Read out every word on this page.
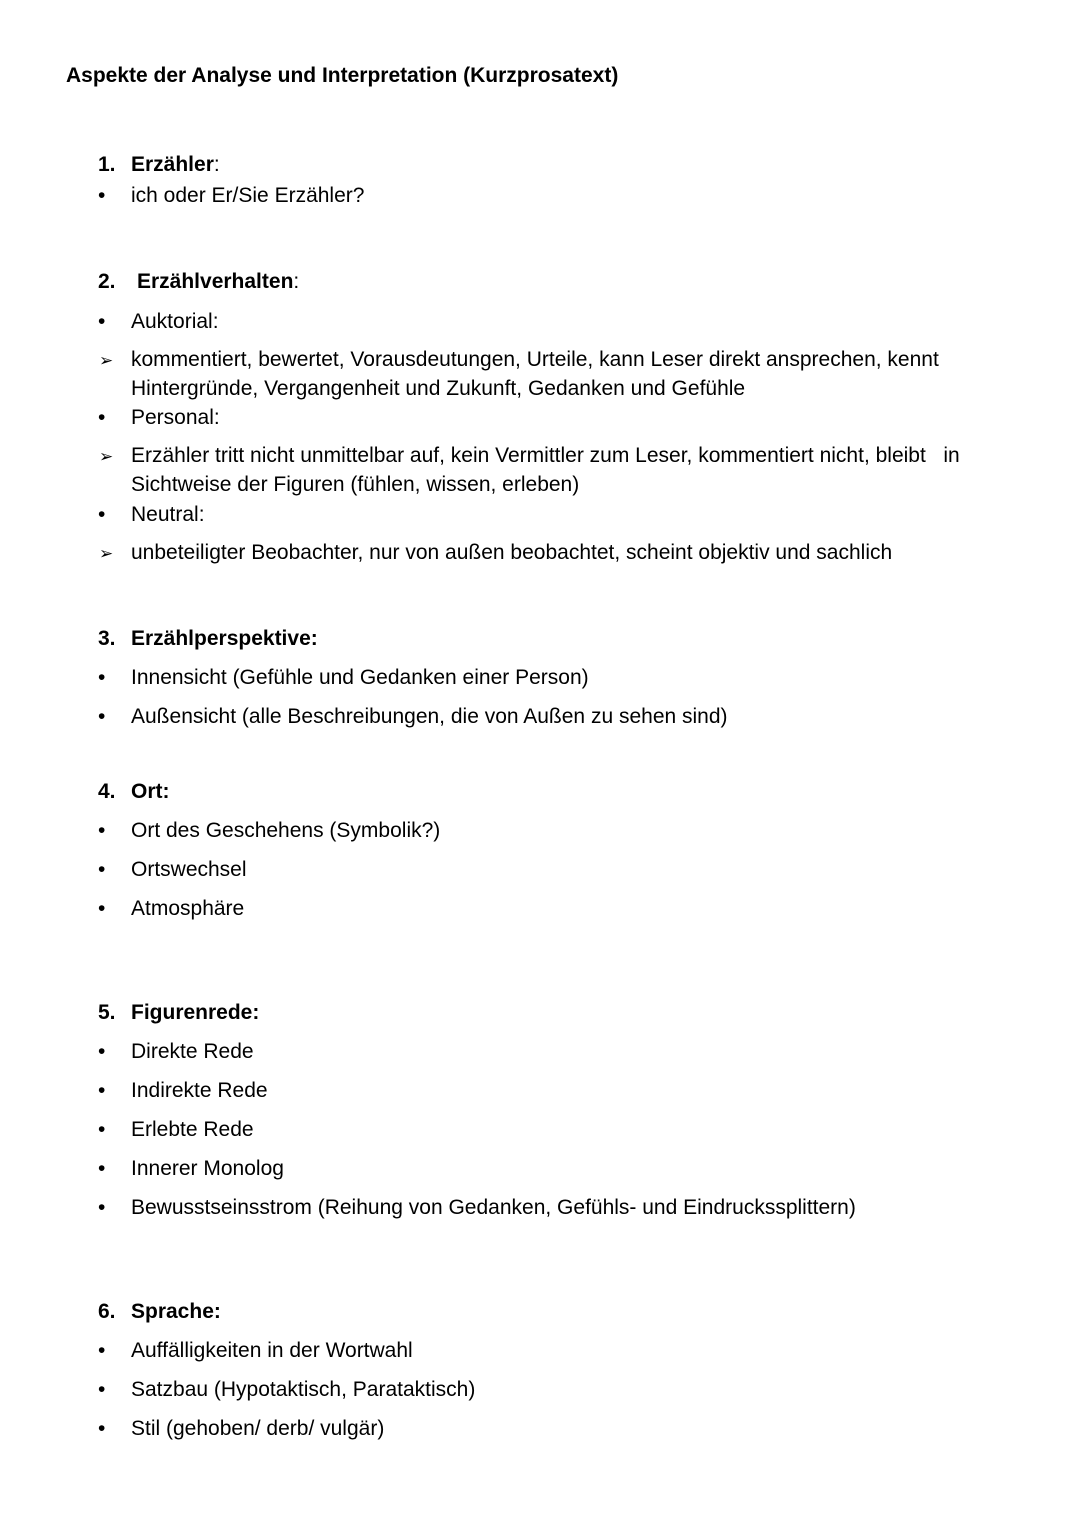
Aspekte der Analyse und Interpretation (Kurzprosatext)
1. Erzähler:
•	ich oder Er/Sie Erzähler?
2. Erzählverhalten:
•	Auktorial:
➢ kommentiert, bewertet, Vorausdeutungen, Urteile, kann Leser direkt ansprechen, kennt Hintergründe, Vergangenheit und Zukunft, Gedanken und Gefühle
•	Personal:
➢ Erzähler tritt nicht unmittelbar auf, kein Vermittler zum Leser, kommentiert nicht, bleibt   in Sichtweise der Figuren (fühlen, wissen, erleben)
•	Neutral:
➢ unbeteiligter Beobachter, nur von außen beobachtet, scheint objektiv und sachlich
3. Erzählperspektive:
•	Innensicht (Gefühle und Gedanken einer Person)
•	Außensicht (alle Beschreibungen, die von Außen zu sehen sind)
4. Ort:
•	Ort des Geschehens (Symbolik?)
•	Ortswechsel
•	Atmosphäre
5. Figurenrede:
•	Direkte Rede
•	Indirekte Rede
•	Erlebte Rede
•	Innerer Monolog
•	Bewusstseinsstrom (Reihung von Gedanken, Gefühls- und Eindruckssplittern)
6. Sprache:
•	Auffälligkeiten in der Wortwahl
•	Satzbau (Hypotaktisch, Parataktisch)
•	Stil (gehoben/ derb/ vulgär)
